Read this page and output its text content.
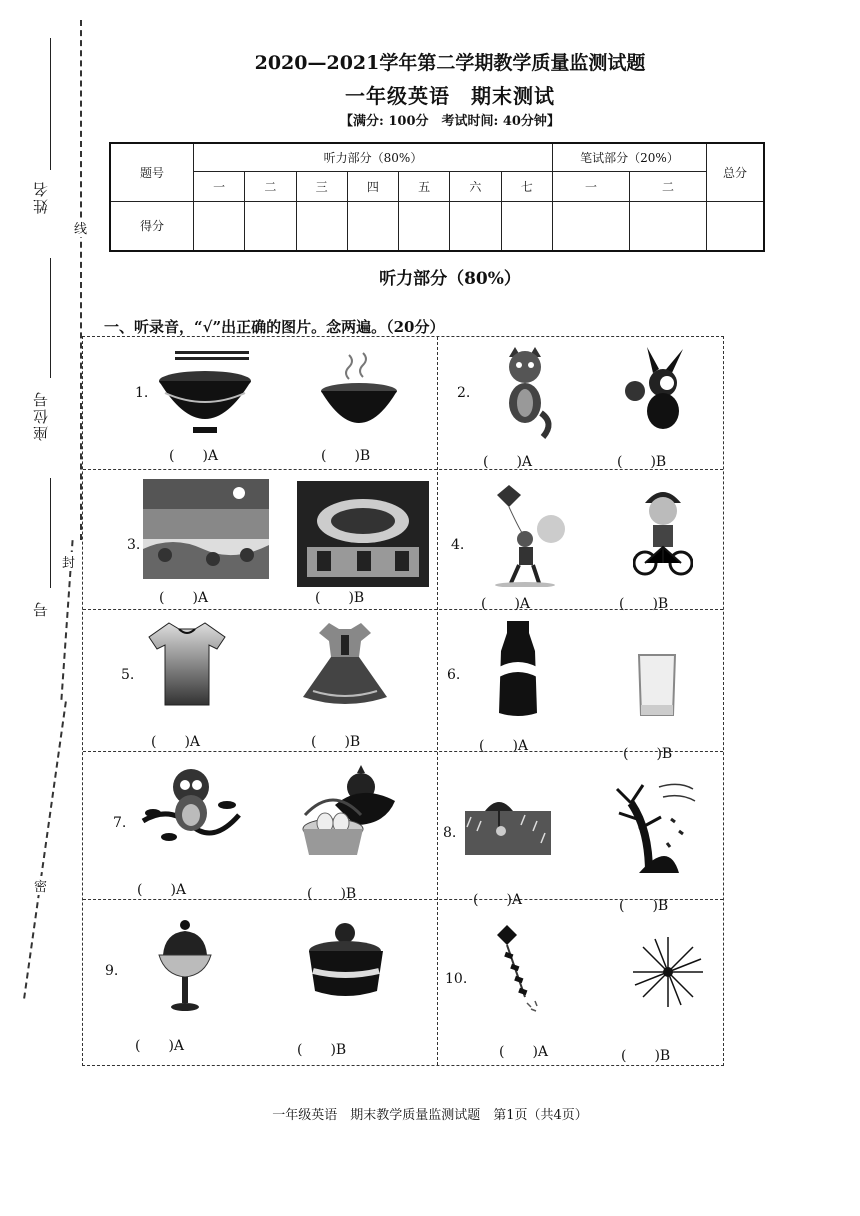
姓名
座位号
号
线
封
密
2020—2021学年第二学期教学质量监测试题
一年级英语　期末测试
【满分: 100分　考试时间: 40分钟】
题号	听力部分（80%）							笔试部分（20%）		总分
	一	二	三	四	五	六	七	一	二	
得分										
听力部分（80%）
一、听录音，“√”出正确的图片。念两遍。（20分）
1.
(　　)A	(　　)B
2.
(　　)A	(　　)B
3.
(　　)A	(　　)B
4.
(　　)A	(　　)B
5.
(　　)A	(　　)B
6.
(　　)A	(　　)B
7.
(　　)A	(　　)B
8.
(　　)A	(　　)B
9.
(　　)A	(　　)B
10.
(　　)A	(　　)B
一年级英语　期末教学质量监测试题　第1页（共4页）
